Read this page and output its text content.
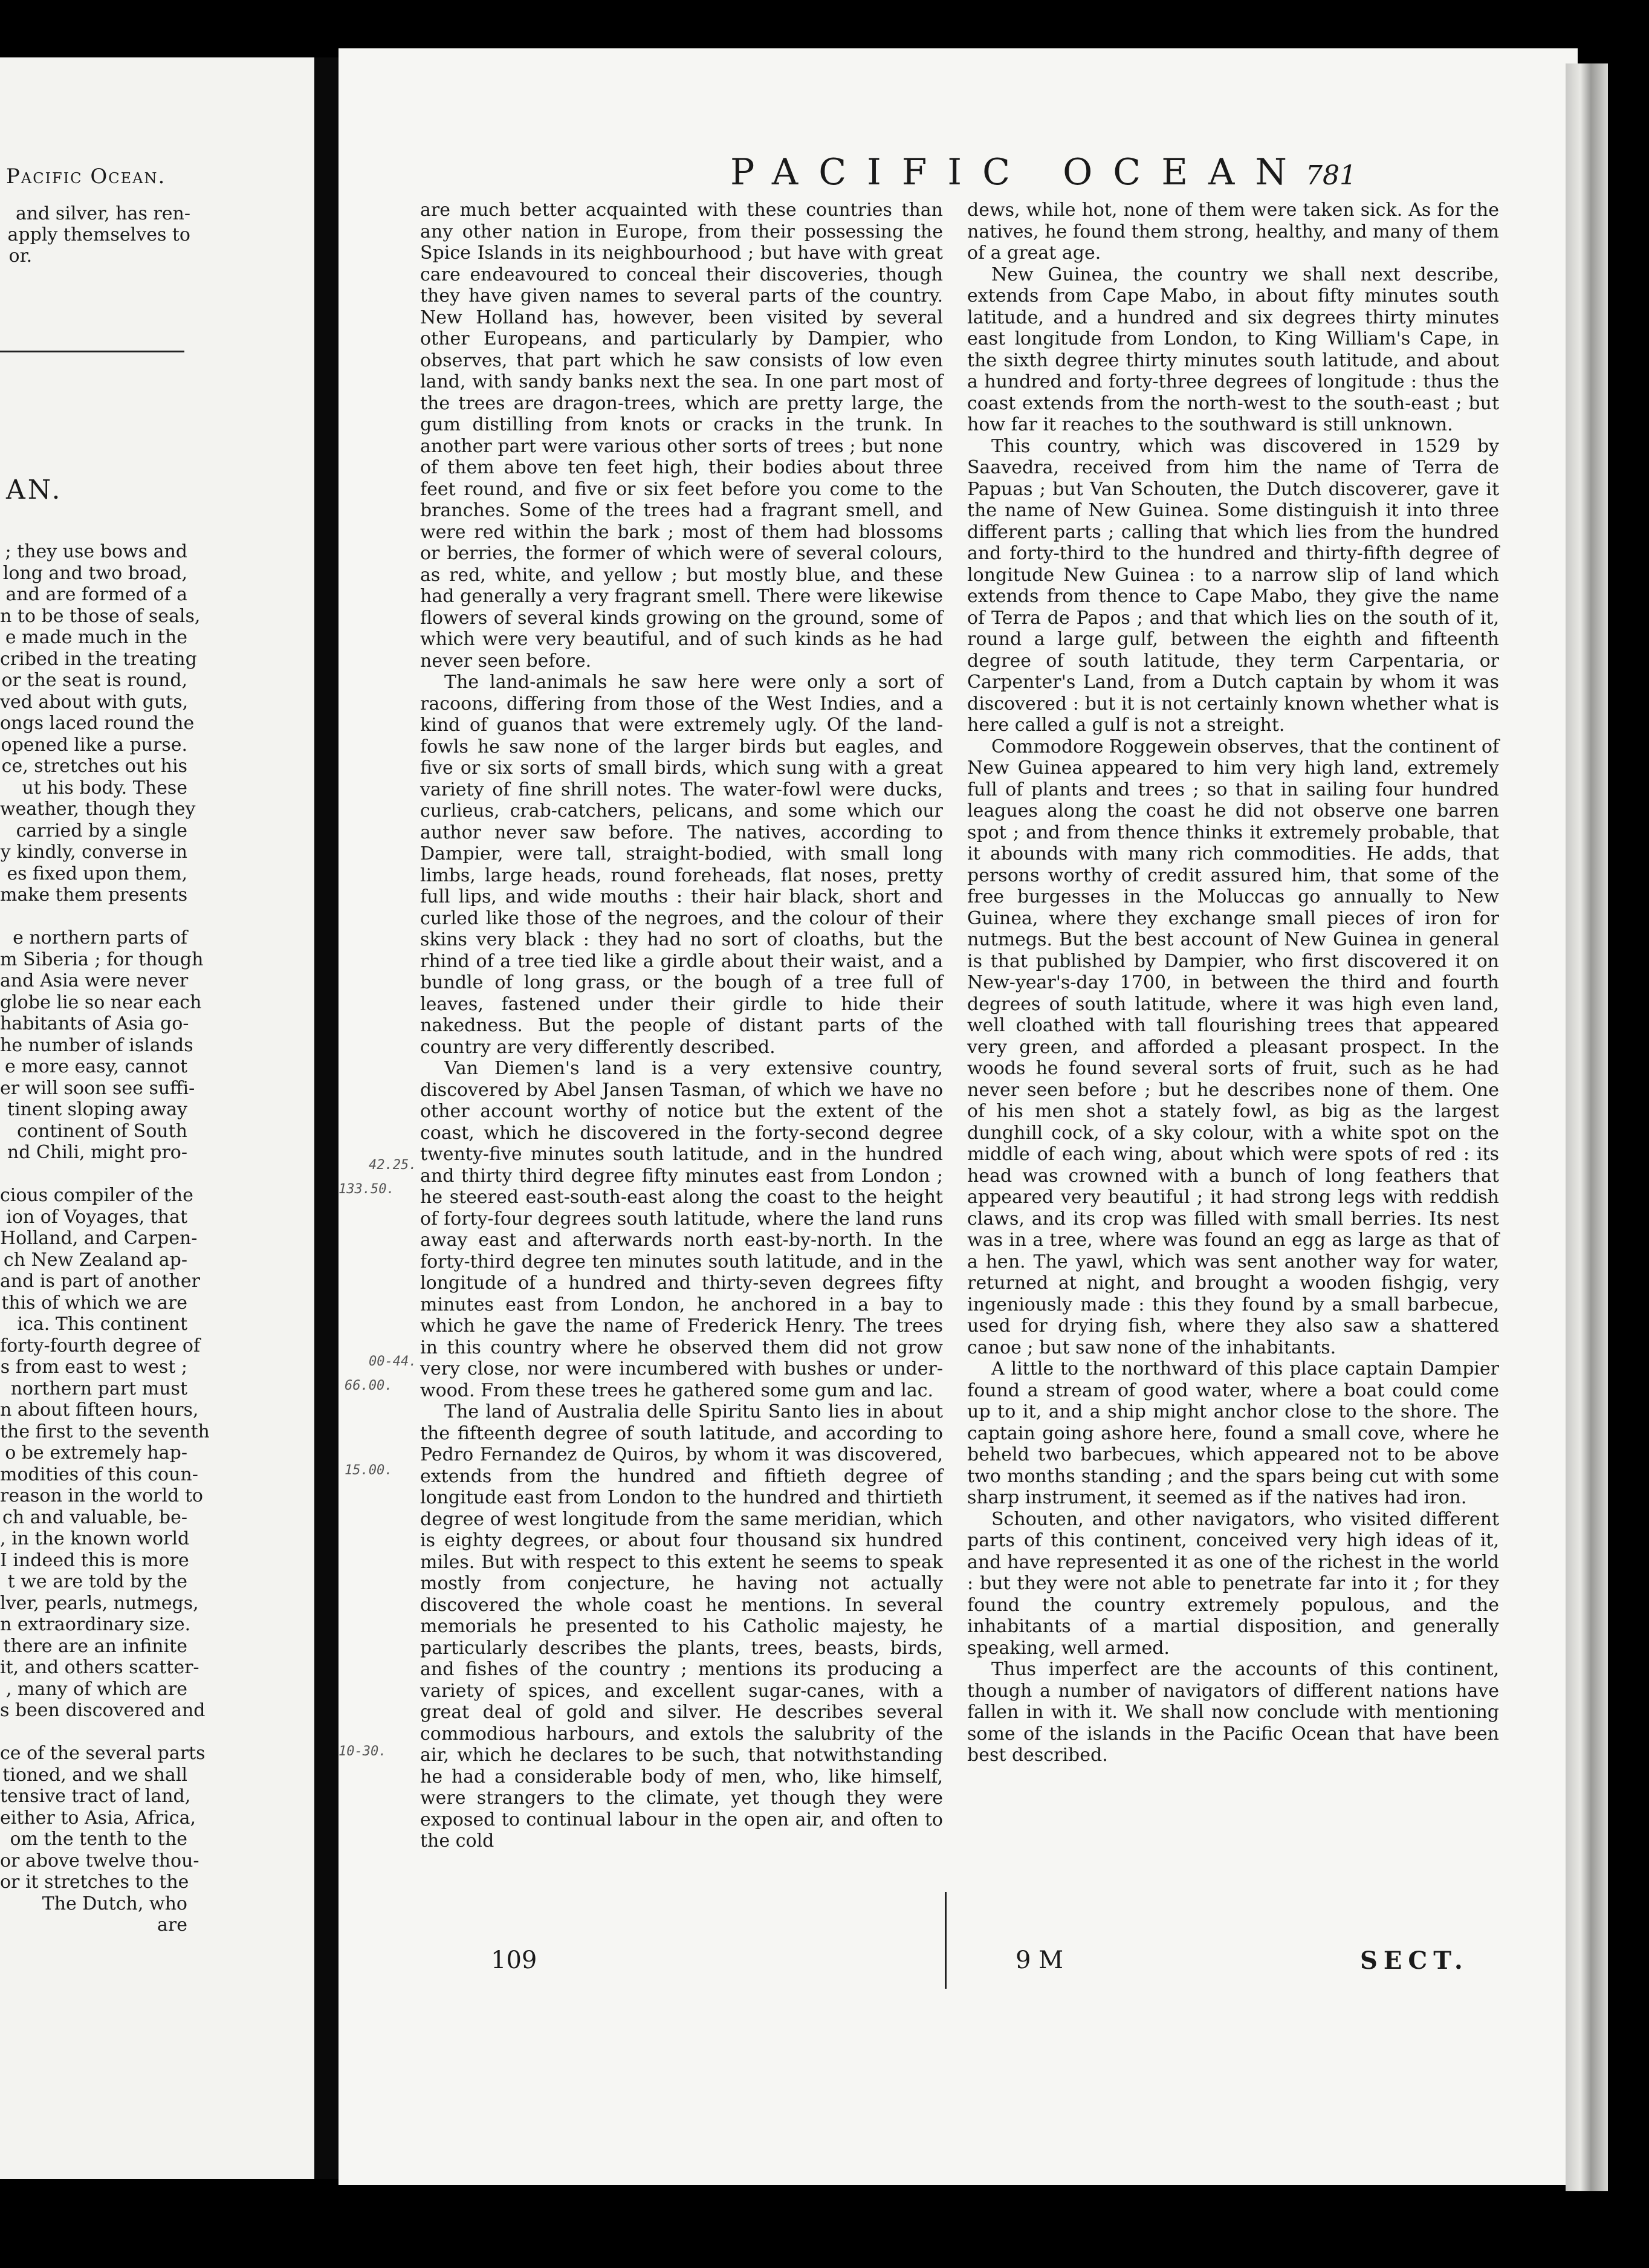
Pacific Ocean.
and silver, has ren-
apply themselves to
or.
AN.
; they use bows and
long and two broad,
and are formed of a
n to be those of seals,
e made much in the
cribed in the treating
or the seat is round,
ved about with guts,
ongs laced round the
opened like a purse.
ce, stretches out his
ut his body. These
weather, though they
carried by a single
y kindly, converse in
es fixed upon them,
make them presents

e northern parts of
m Siberia ; for though
and Asia were never
globe lie so near each
habitants of Asia go-
he number of islands
e more easy, cannot
er will soon see suffi-
tinent sloping away
continent of South
nd Chili, might pro-

cious compiler of the
ion of Voyages, that
Holland, and Carpen-
ch New Zealand ap-
and is part of another
this of which we are
ica. This continent
forty-fourth degree of
s from east to west ;
northern part must
n about fifteen hours,
the first to the seventh
o be extremely hap-
modities of this coun-
reason in the world to
ch and valuable, be-
, in the known world
I indeed this is more
t we are told by the
lver, pearls, nutmegs,
n extraordinary size.
there are an infinite
it, and others scatter-
, many of which are
s been discovered and

ce of the several parts
tioned, and we shall
tensive tract of land,
either to Asia, Africa,
om the tenth to the
or above twelve thou-
or it stretches to the
The Dutch, who
are
PACIFIC OCEAN
781

are much better acquainted with these countries than any other nation in Europe, from their possessing the Spice Islands in its neighbourhood ; but have with great care endeavoured to conceal their discoveries, though they have given names to several parts of the country. New Holland has, however, been visited by several other Europeans, and particularly by Dampier, who observes, that part which he saw consists of low even land, with sandy banks next the sea. In one part most of the trees are dragon-trees, which are pretty large, the gum distilling from knots or cracks in the trunk. In another part were various other sorts of trees ; but none of them above ten feet high, their bodies about three feet round, and five or six feet before you come to the branches. Some of the trees had a fragrant smell, and were red within the bark ; most of them had blossoms or berries, the former of which were of several colours, as red, white, and yellow ; but mostly blue, and these had generally a very fragrant smell. There were likewise flowers of several kinds growing on the ground, some of which were very beautiful, and of such kinds as he had never seen before.

The land-animals he saw here were only a sort of racoons, differing from those of the West Indies, and a kind of guanos that were extremely ugly. Of the land-fowls he saw none of the larger birds but eagles, and five or six sorts of small birds, which sung with a great variety of fine shrill notes. The water-fowl were ducks, curlieus, crab-catchers, pelicans, and some which our author never saw before. The natives, according to Dampier, were tall, straight-bodied, with small long limbs, large heads, round foreheads, flat noses, pretty full lips, and wide mouths : their hair black, short and curled like those of the negroes, and the colour of their skins very black : they had no sort of cloaths, but the rhind of a tree tied like a girdle about their waist, and a bundle of long grass, or the bough of a tree full of leaves, fastened under their girdle to hide their nakedness. But the people of distant parts of the country are very differently described.

Van Diemen's land is a very extensive country, discovered by Abel Jansen Tasman, of which we have no other account worthy of notice but the extent of the coast, which he discovered in the forty-second degree twenty-five minutes south latitude, and in the hundred and thirty third degree fifty minutes east from London ; he steered east-south-east along the coast to the height of forty-four degrees south latitude, where the land runs away east and afterwards north east-by-north. In the forty-third degree ten minutes south latitude, and in the longitude of a hundred and thirty-seven degrees fifty minutes east from London, he anchored in a bay to which he gave the name of Frederick Henry. The trees in this country where he observed them did not grow very close, nor were incumbered with bushes or under-wood. From these trees he gathered some gum and lac.

The land of Australia delle Spiritu Santo lies in about the fifteenth degree of south latitude, and according to Pedro Fernandez de Quiros, by whom it was discovered, extends from the hundred and fiftieth degree of longitude east from London to the hundred and thirtieth degree of west longitude from the same meridian, which is eighty degrees, or about four thousand six hundred miles. But with respect to this extent he seems to speak mostly from conjecture, he having not actually discovered the whole coast he mentions. In several memorials he presented to his Catholic majesty, he particularly describes the plants, trees, beasts, birds, and fishes of the country ; mentions its producing a variety of spices, and excellent sugar-canes, with a great deal of gold and silver. He describes several commodious harbours, and extols the salubrity of the air, which he declares to be such, that notwithstanding he had a considerable body of men, who, like himself, were strangers to the climate, yet though they were exposed to continual labour in the open air, and often to the cold

dews, while hot, none of them were taken sick. As for the natives, he found them strong, healthy, and many of them of a great age.

New Guinea, the country we shall next describe, extends from Cape Mabo, in about fifty minutes south latitude, and a hundred and six degrees thirty minutes east longitude from London, to King William's Cape, in the sixth degree thirty minutes south latitude, and about a hundred and forty-three degrees of longitude : thus the coast extends from the north-west to the south-east ; but how far it reaches to the southward is still unknown.

This country, which was discovered in 1529 by Saavedra, received from him the name of Terra de Papuas ; but Van Schouten, the Dutch discoverer, gave it the name of New Guinea. Some distinguish it into three different parts ; calling that which lies from the hundred and forty-third to the hundred and thirty-fifth degree of longitude New Guinea : to a narrow slip of land which extends from thence to Cape Mabo, they give the name of Terra de Papos ; and that which lies on the south of it, round a large gulf, between the eighth and fifteenth degree of south latitude, they term Carpentaria, or Carpenter's Land, from a Dutch captain by whom it was discovered : but it is not certainly known whether what is here called a gulf is not a streight.

Commodore Roggewein observes, that the continent of New Guinea appeared to him very high land, extremely full of plants and trees ; so that in sailing four hundred leagues along the coast he did not observe one barren spot ; and from thence thinks it extremely probable, that it abounds with many rich commodities. He adds, that persons worthy of credit assured him, that some of the free burgesses in the Moluccas go annually to New Guinea, where they exchange small pieces of iron for nutmegs. But the best account of New Guinea in general is that published by Dampier, who first discovered it on New-year's-day 1700, in between the third and fourth degrees of south latitude, where it was high even land, well cloathed with tall flourishing trees that appeared very green, and afforded a pleasant prospect. In the woods he found several sorts of fruit, such as he had never seen before ; but he describes none of them. One of his men shot a stately fowl, as big as the largest dunghill cock, of a sky colour, with a white spot on the middle of each wing, about which were spots of red : its head was crowned with a bunch of long feathers that appeared very beautiful ; it had strong legs with reddish claws, and its crop was filled with small berries. Its nest was in a tree, where was found an egg as large as that of a hen. The yawl, which was sent another way for water, returned at night, and brought a wooden fishgig, very ingeniously made : this they found by a small barbecue, used for drying fish, where they also saw a shattered canoe ; but saw none of the inhabitants.

A little to the northward of this place captain Dampier found a stream of good water, where a boat could come up to it, and a ship might anchor close to the shore. The captain going ashore here, found a small cove, where he beheld two barbecues, which appeared not to be above two months standing ; and the spars being cut with some sharp instrument, it seemed as if the natives had iron.

Schouten, and other navigators, who visited different parts of this continent, conceived very high ideas of it, and have represented it as one of the richest in the world : but they were not able to penetrate far into it ; for they found the country extremely populous, and the inhabitants of a martial disposition, and generally speaking, well armed.

Thus imperfect are the accounts of this continent, though a number of navigators of different nations have fallen in with it. We shall now conclude with mentioning some of the islands in the Pacific Ocean that have been best described.

42.25.
133.50.
00-44.
66.00.
15.00.
10-30.
109	9 M	SECT.
